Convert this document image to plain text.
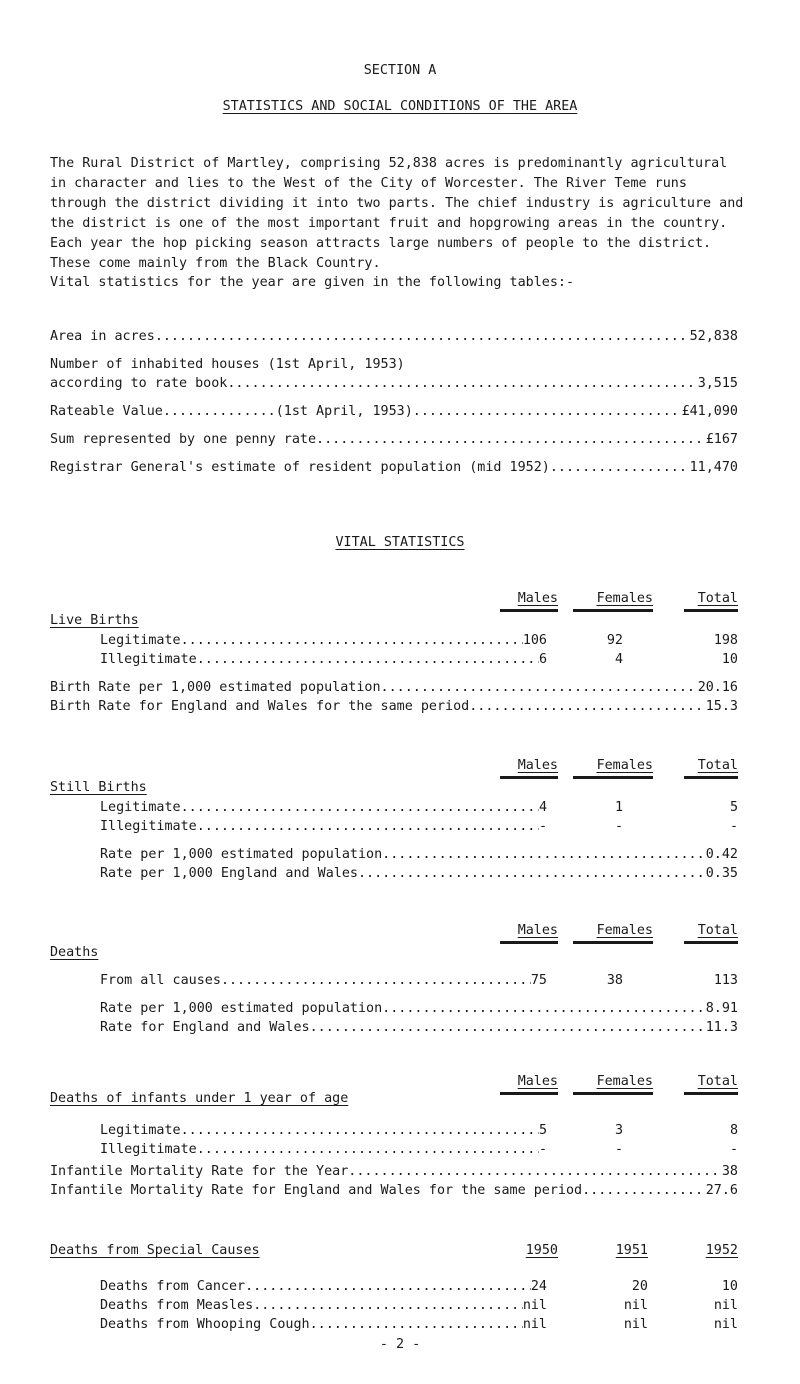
SECTION A
STATISTICS AND SOCIAL CONDITIONS OF THE AREA
The Rural District of Martley, comprising 52,838 acres is predominantly agricultural in character and lies to the West of the City of Worcester. The River Teme runs through the district dividing it into two parts. The chief industry is agriculture and the district is one of the most important fruit and hopgrowing areas in the country. Each year the hop picking season attracts large numbers of people to the district. These come mainly from the Black Country.
Vital statistics for the year are given in the following tables:-
Area in acres .....	52,838
Number of inhabited houses (1st April, 1953)
according to rate book .....	3,515
Rateable Value..............(1st April, 1953) .....	£41,090
Sum represented by one penny rate .....	£167
Registrar General's estimate of resident population (mid 1952) .....	11,470
VITAL STATISTICS
Males	Females	Total
Live Births
Legitimate .....	106	92	198
Illegitimate .....	6	4	10
Birth Rate per 1,000 estimated population .....	20.16
Birth Rate for England and Wales for the same period .....	15.3
Males	Females	Total
Still Births
Legitimate .....	4	1	5
Illegitimate .....	-	-	-
Rate per 1,000 estimated population .....	0.42
Rate per 1,000 England and Wales .....	0.35
Males	Females	Total
Deaths
From all causes .....	75	38	113
Rate per 1,000 estimated population .....	8.91
Rate for England and Wales .....	11.3
Males	Females	Total
Deaths of infants under 1 year of age
Legitimate .....	5	3	8
Illegitimate .....	-	-	-
Infantile Mortality Rate for the Year .....	38
Infantile Mortality Rate for England and Wales for the same period .....	27.6
Deaths from Special Causes	1950	1951	1952
Deaths from Cancer .....	24	20	10
Deaths from Measles .....	nil	nil	nil
Deaths from Whooping Cough .....	nil	nil	nil
- 2 -
